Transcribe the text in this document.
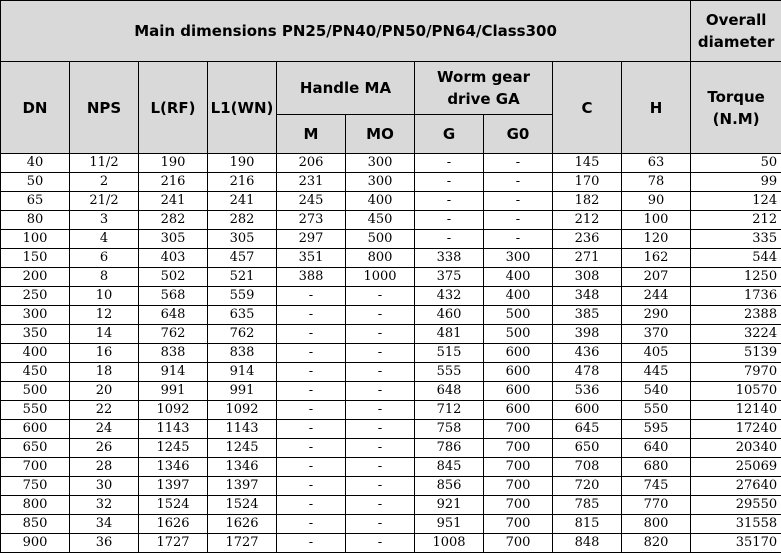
Main dimensions PN25/PN40/PN50/PN64/Class300										Overall diameter
DN	NPS	L(RF)	L1(WN)	Handle MA		Worm gear drive GA		C	H	Torque (N.M)
				M	MO	G	G0			
40	11/2	190	190	206	300	-	-	145	63	50
50	2	216	216	231	300	-	-	170	78	99
65	21/2	241	241	245	400	-	-	182	90	124
80	3	282	282	273	450	-	-	212	100	212
100	4	305	305	297	500	-	-	236	120	335
150	6	403	457	351	800	338	300	271	162	544
200	8	502	521	388	1000	375	400	308	207	1250
250	10	568	559	-	-	432	400	348	244	1736
300	12	648	635	-	-	460	500	385	290	2388
350	14	762	762	-	-	481	500	398	370	3224
400	16	838	838	-	-	515	600	436	405	5139
450	18	914	914	-	-	555	600	478	445	7970
500	20	991	991	-	-	648	600	536	540	10570
550	22	1092	1092	-	-	712	600	600	550	12140
600	24	1143	1143	-	-	758	700	645	595	17240
650	26	1245	1245	-	-	786	700	650	640	20340
700	28	1346	1346	-	-	845	700	708	680	25069
750	30	1397	1397	-	-	856	700	720	745	27640
800	32	1524	1524	-	-	921	700	785	770	29550
850	34	1626	1626	-	-	951	700	815	800	31558
900	36	1727	1727	-	-	1008	700	848	820	35170
